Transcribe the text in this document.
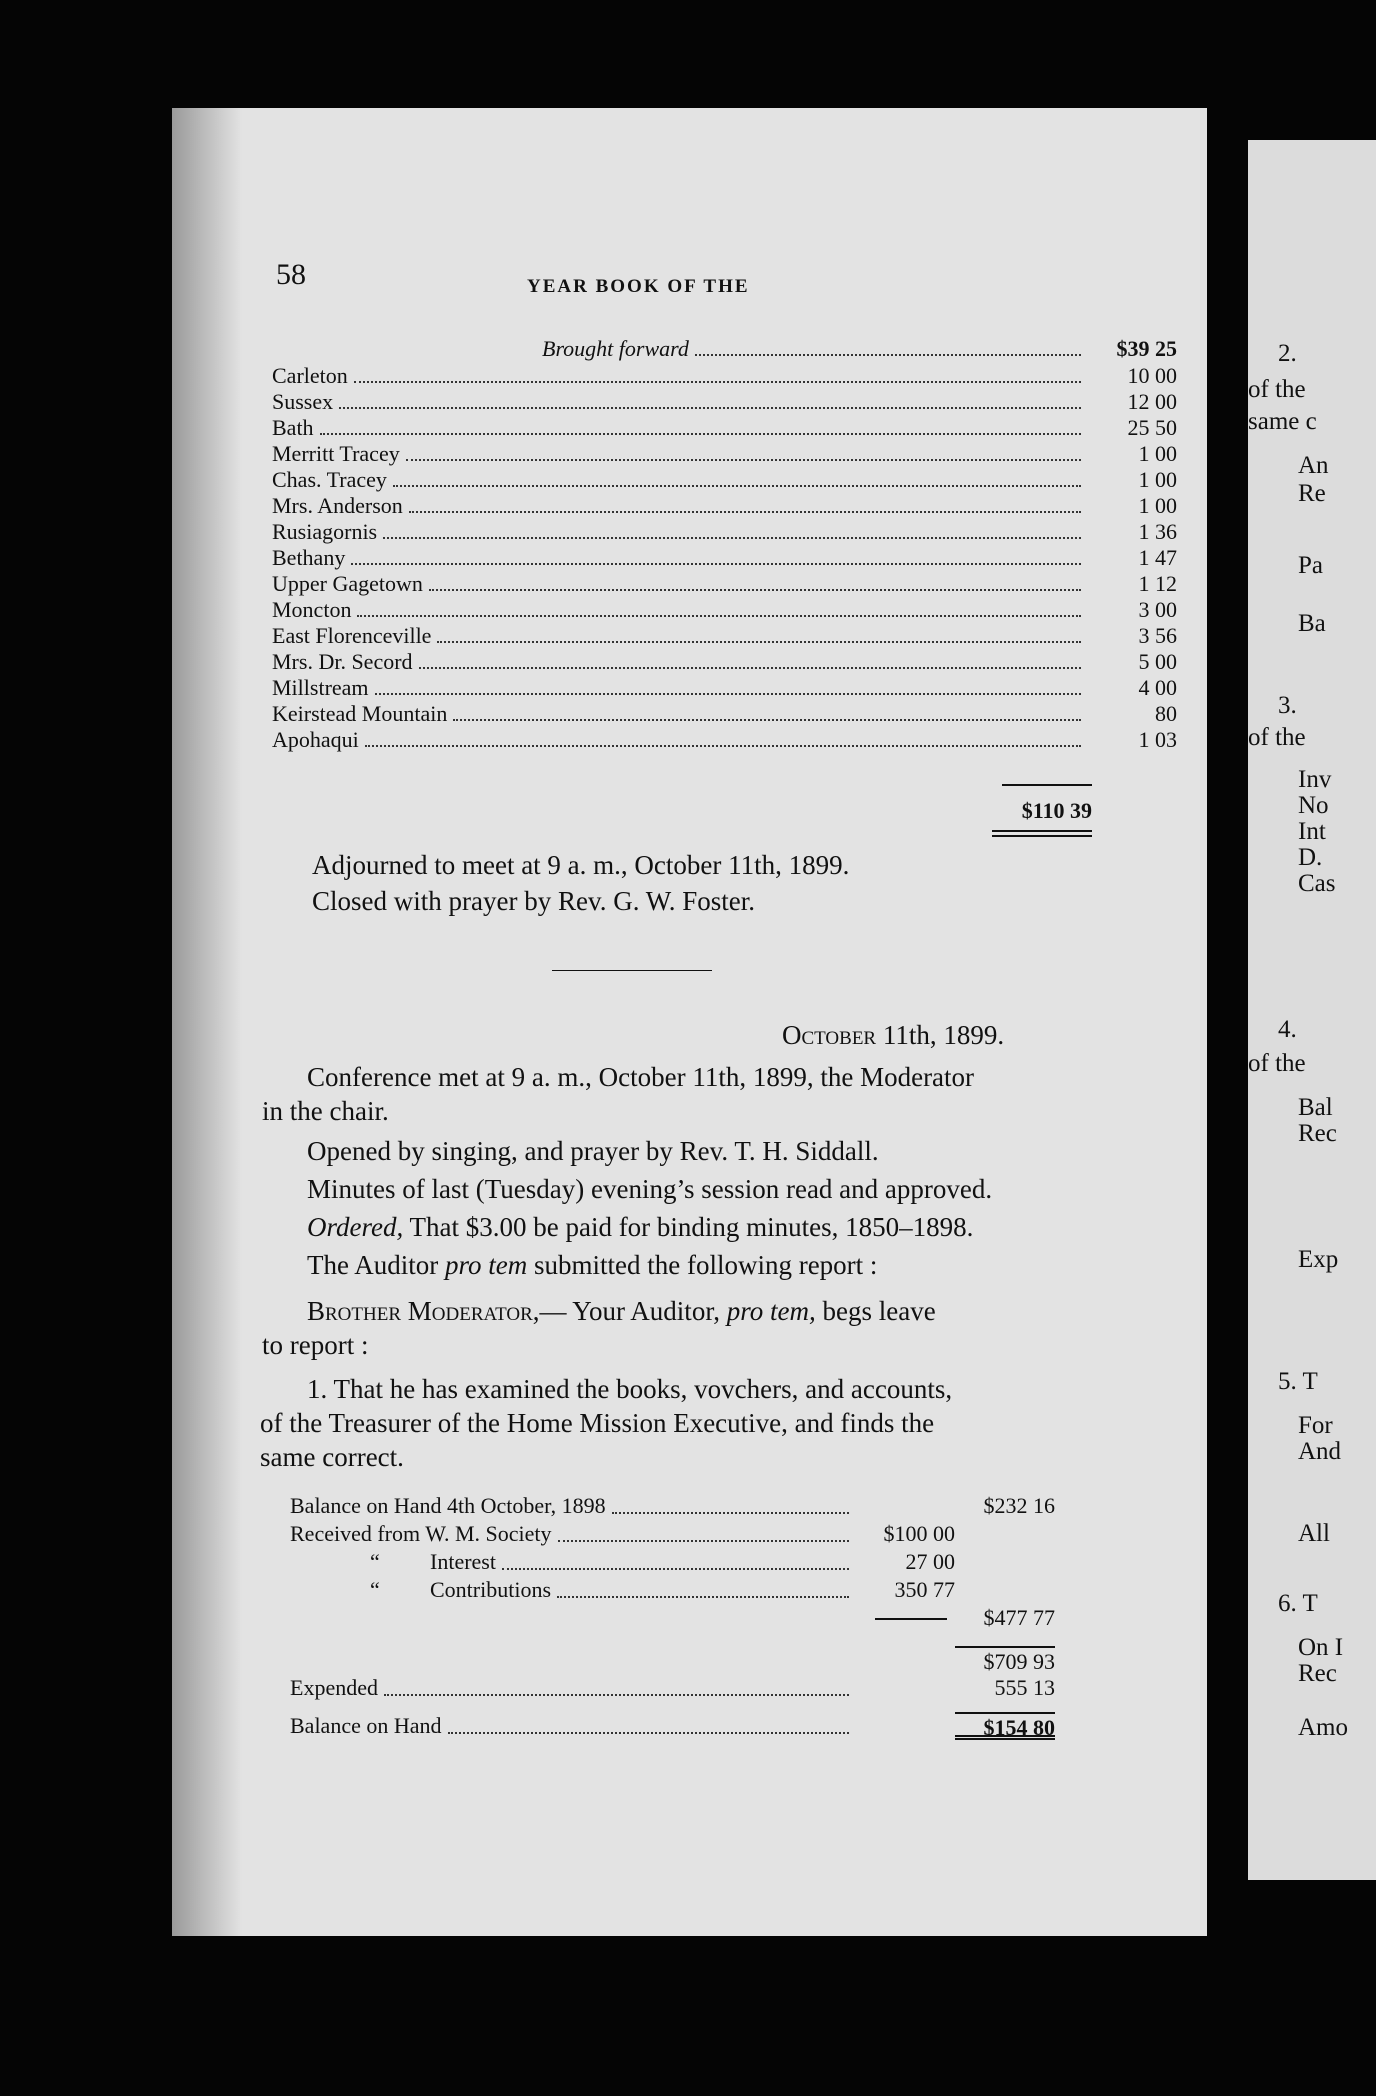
58	YEAR BOOK OF THE
Brought forward	$39 25
Carleton	10 00
Sussex	12 00
Bath	25 50
Merritt Tracey	1 00
Chas. Tracey	1 00
Mrs. Anderson	1 00
Rusiagornis	1 36
Bethany	1 47
Upper Gagetown	1 12
Moncton	3 00
East Florenceville	3 56
Mrs. Dr. Secord	5 00
Millstream	4 00
Keirstead Mountain	80
Apohaqui	1 03
$110 39
Adjourned to meet at 9 a. m., October 11th, 1899.
Closed with prayer by Rev. G. W. Foster.
October 11th, 1899.
Conference met at 9 a. m., October 11th, 1899, the Moderator
in the chair.
Opened by singing, and prayer by Rev. T. H. Siddall.
Minutes of last (Tuesday) evening’s session read and approved.
Ordered, That $3.00 be paid for binding minutes, 1850–1898.
The Auditor pro tem submitted the following report :
Brother Moderator,— Your Auditor, pro tem, begs leave
to report :
1. That he has examined the books, vovchers, and accounts,
of the Treasurer of the Home Mission Executive, and finds the
same correct.
Balance on Hand 4th October, 1898	$232 16
Received from W. M. Society	$100 00
“	Interest	27 00
“	Contributions	350 77
$477 77
$709 93
Expended	555 13
Balance on Hand	$154 80
2.
of the
same c
An
Re
Pa
Ba
3.
of the
Inv
No
Int
D.
Cas
4.
of the
Bal
Rec
Exp
5. T
For
And
All
6. T
On I
Rec
Amo
